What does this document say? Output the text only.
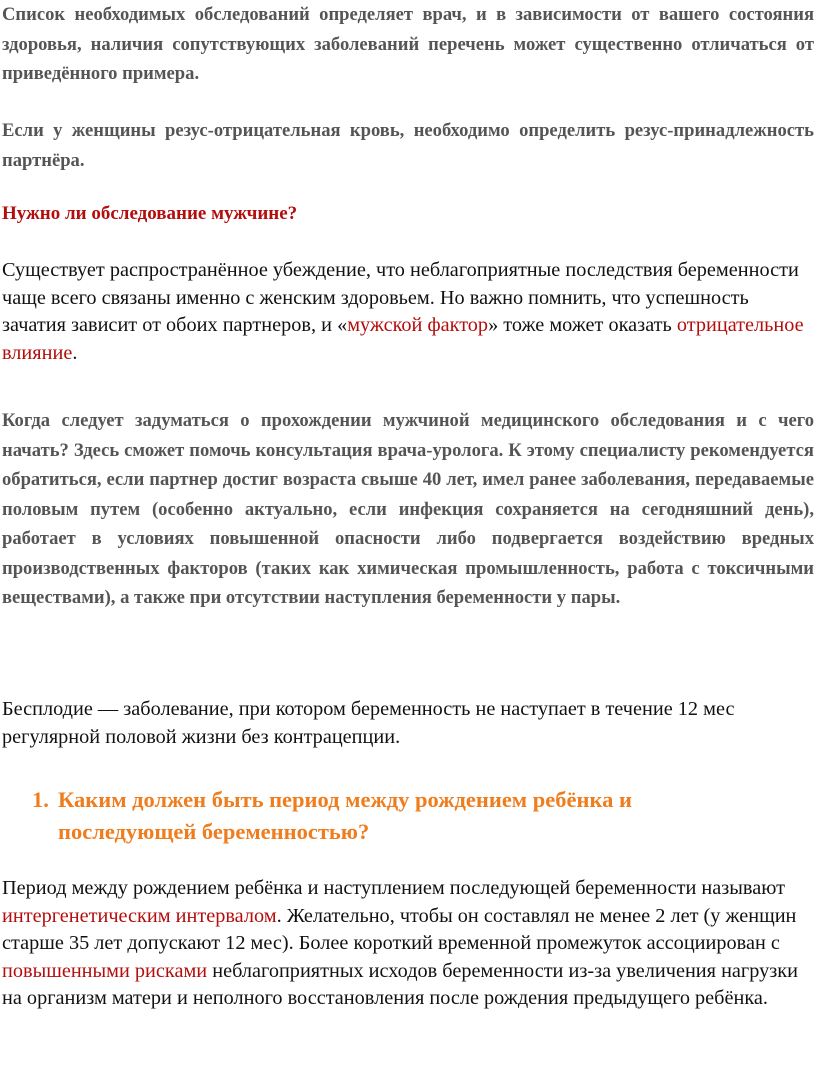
Список необходимых обследований определяет врач, и в зависимости от вашего состояния здоровья, наличия сопутствующих заболеваний перечень может существенно отличаться от приведённого примера.

Если у женщины резус-отрицательная кровь, необходимо определить резус-принадлежность партнёра.

Нужно ли обследование мужчине?

Существует распространённое убеждение, что неблагоприятные последствия беременности чаще всего связаны именно с женским здоровьем. Но важно помнить, что успешность зачатия зависит от обоих партнеров, и «мужской фактор» тоже может оказать отрицательное влияние.

Когда следует задуматься о прохождении мужчиной медицинского обследования и с чего начать? Здесь сможет помочь консультация врача-уролога. К этому специалисту рекомендуется обратиться, если партнер достиг возраста свыше 40 лет, имел ранее заболевания, передаваемые половым путем (особенно актуально, если инфекция сохраняется на сегодняшний день), работает в условиях повышенной опасности либо подвергается воздействию вредных производственных факторов (таких как химическая промышленность, работа с токсичными веществами), а также при отсутствии наступления беременности у пары.

Бесплодие — заболевание, при котором беременность не наступает в течение 12 мес регулярной половой жизни без контрацепции.

1. Каким должен быть период между рождением ребёнка и
последующей беременностью?

Период между рождением ребёнка и наступлением последующей беременности называют интергенетическим интервалом. Желательно, чтобы он составлял не менее 2 лет (у женщин старше 35 лет допускают 12 мес). Более короткий временной промежуток ассоциирован с повышенными рисками неблагоприятных исходов беременности из-за увеличения нагрузки на организм матери и неполного восстановления после рождения предыдущего ребёнка.
